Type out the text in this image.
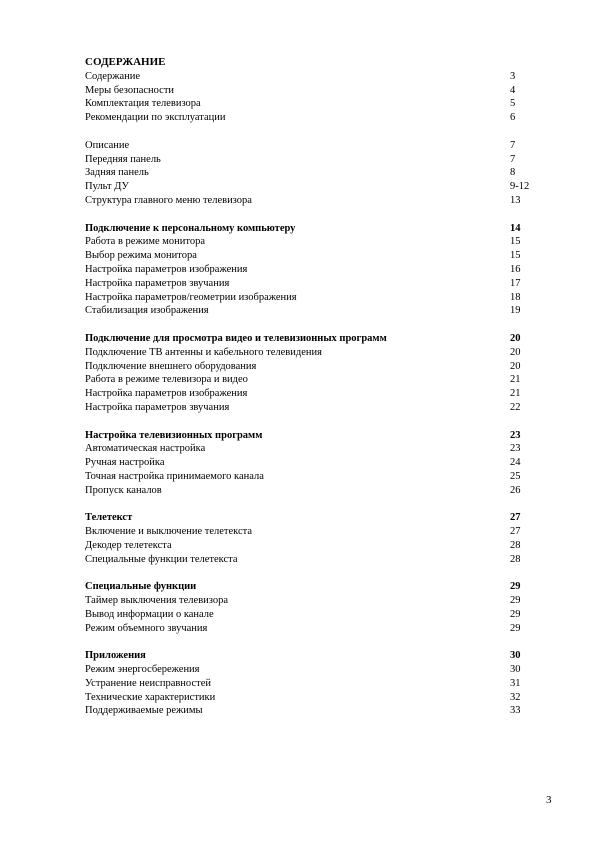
СОДЕРЖАНИЕ
Содержание	3
Меры безопасности	4
Комплектация телевизора	5
Рекомендации по эксплуатации	6
Описание	7
Передняя панель	7
Задняя панель	8
Пульт ДУ	9-12
Структура главного меню телевизора	13
Подключение к персональному компьютеру	14
Работа в режиме монитора	15
Выбор режима монитора	15
Настройка параметров изображения	16
Настройка параметров звучания	17
Настройка параметров/геометрии изображения	18
Стабилизация изображения	19
Подключение для просмотра видео и телевизионных программ	20
Подключение ТВ антенны и кабельного телевидения	20
Подключение внешнего оборудования	20
Работа в режиме телевизора и видео	21
Настройка параметров изображения	21
Настройка параметров звучания	22
Настройка телевизионных программ	23
Автоматическая настройка	23
Ручная настройка	24
Точная настройка принимаемого канала	25
Пропуск каналов	26
Телетекст	27
Включение и выключение телетекста	27
Декодер телетекста	28
Специальные функции телетекста	28
Специальные функции	29
Таймер выключения телевизора	29
Вывод информации о канале	29
Режим объемного звучания	29
Приложения	30
Режим энергосбережения	30
Устранение неисправностей	31
Технические характеристики	32
Поддерживаемые режимы	33
3
